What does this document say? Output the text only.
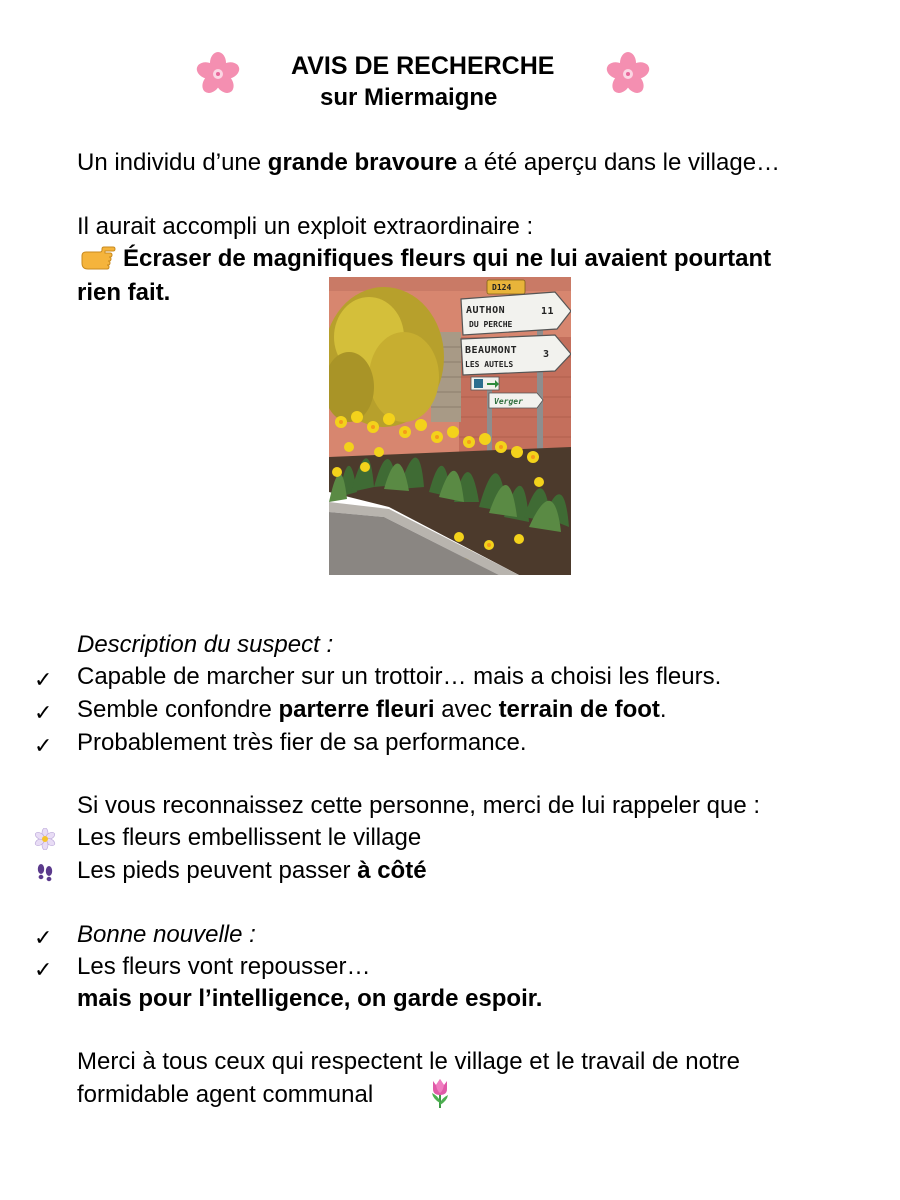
AVIS DE RECHERCHE
sur Miermaigne
Un individu d’une grande bravoure a été aperçu dans le village…
Il aurait accompli un exploit extraordinaire :
Écraser de magnifiques fleurs qui ne lui avaient pourtant
rien fait.	D124
AUTHON
DU PERCHE
11
BEAUMONT
LES AUTELS
3
Verger
Description du suspect :
✓ Capable de marcher sur un trottoir… mais a choisi les fleurs.
✓ Semble confondre parterre fleuri avec terrain de foot.
✓ Probablement très fier de sa performance.
Si vous reconnaissez cette personne, merci de lui rappeler que :
Les fleurs embellissent le village
Les pieds peuvent passer à côté
✓ Bonne nouvelle :
✓ Les fleurs vont repousser…
mais pour l’intelligence, on garde espoir.
Merci à tous ceux qui respectent le village et le travail de notre
formidable agent communal
